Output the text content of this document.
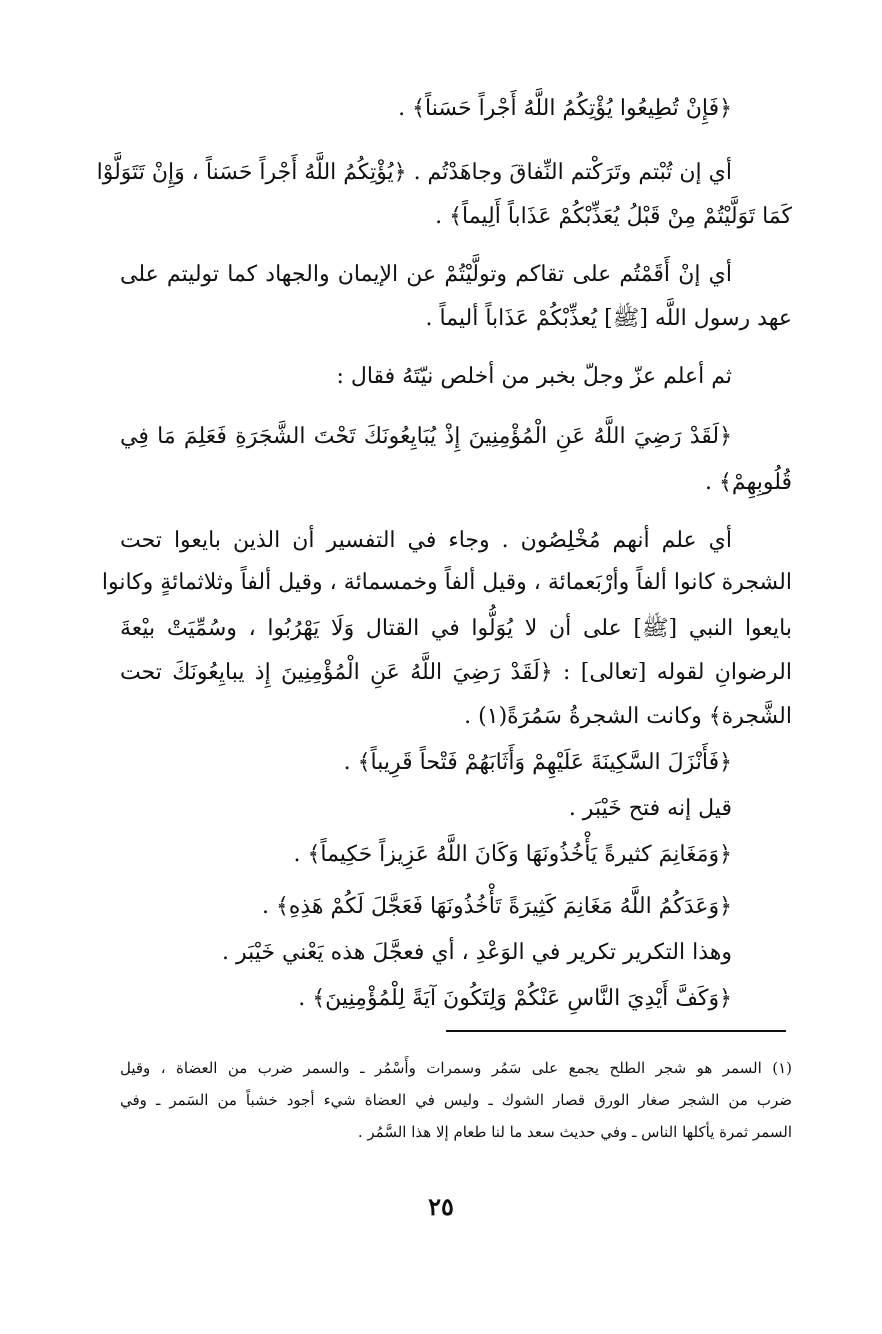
﴿فَإِنْ تُطِيعُوا يُؤْتِكُمُ اللَّهُ أَجْراً حَسَناً﴾ .
أي إن تُبْتم وتَرَكْتم النِّفاقَ وجاهَدْتُم . ﴿يُؤْتِكُمُ اللَّهُ أَجْراً حَسَناً ، وَإِنْ تَتَوَلَّوْا
كَمَا تَوَلَّيْتُمْ مِنْ قَبْلُ يُعَذِّبْكُمْ عَذَاباً أَلِيماً﴾ .
أي إنْ أَقَمْتُم على تقاكم وتولَّيْتُمْ عن الإيمان والجهاد كما توليتم على
عهد رسول اللَّه [ﷺ] يُعذِّبْكُمْ عَذَاباً أليماً .
ثم أعلم عزّ وجلّ بخبر من أخلص نيّتَهُ فقال :
﴿لَقَدْ رَضِيَ اللَّهُ عَنِ الْمُؤْمِنِينَ إِذْ يُبَايِعُونَكَ تَحْتَ الشَّجَرَةِ فَعَلِمَ مَا فِي
قُلُوبِهِمْ﴾ .
أي علم أنهم مُخْلِصُون . وجاء في التفسير أن الذين بايعوا تحت
الشجرة كانوا ألفاً وأرْبَعمائة ، وقيل ألفاً وخمسمائة ، وقيل ألفاً وثلاثمائةٍ وكانوا
بايعوا النبي [ﷺ] على أن لا يُوَلُّوا في القتال وَلَا يَهْرُبُوا ، وسُمِّيَتْ بيْعةَ
الرضوانِ لقوله [تعالى] : ﴿لَقَدْ رَضِيَ اللَّهُ عَنِ الْمُؤْمِنِينَ إِذ يبايِعُونَكَ تحت
الشَّجرة﴾ وكانت الشجرةُ سَمُرَةً(١) .
﴿فَأَنْزَلَ السَّكِينَةَ عَلَيْهِمْ وَأَثَابَهُمْ فَتْحاً قَرِيباً﴾ .
قيل إنه فتح خَيْبَر .
﴿وَمَغَانِمَ كثيرةً يَأْخُذُونَهَا وَكَانَ اللَّهُ عَزِيزاً حَكِيماً﴾ .
﴿وَعَدَكُمُ اللَّهُ مَغَانِمَ كَثِيرَةً تَأْخُذُونَهَا فَعَجَّلَ لَكُمْ هَذِهِ﴾ .
وهذا التكرير تكرير في الوَعْدِ ، أي فعجَّلَ هذه يَعْني خَيْبَر .
﴿وَكَفَّ أَيْدِيَ النَّاسِ عَنْكُمْ وَلِتَكُونَ آيَةً لِلْمُؤْمِنِينَ﴾ .
(١) السمر هو شجر الطلح يجمع على سَمُر وسمرات وأَسْمُر ـ والسمر ضرب من العضاة ، وقيل
ضرب من الشجر صغار الورق قصار الشوك ـ وليس في العضاة شيء أجود خشباً من السَمر ـ وفي
السمر ثمرة يأكلها الناس ـ وفي حديث سعد ما لنا طعام إلا هذا السَّمُر .
٢٥
